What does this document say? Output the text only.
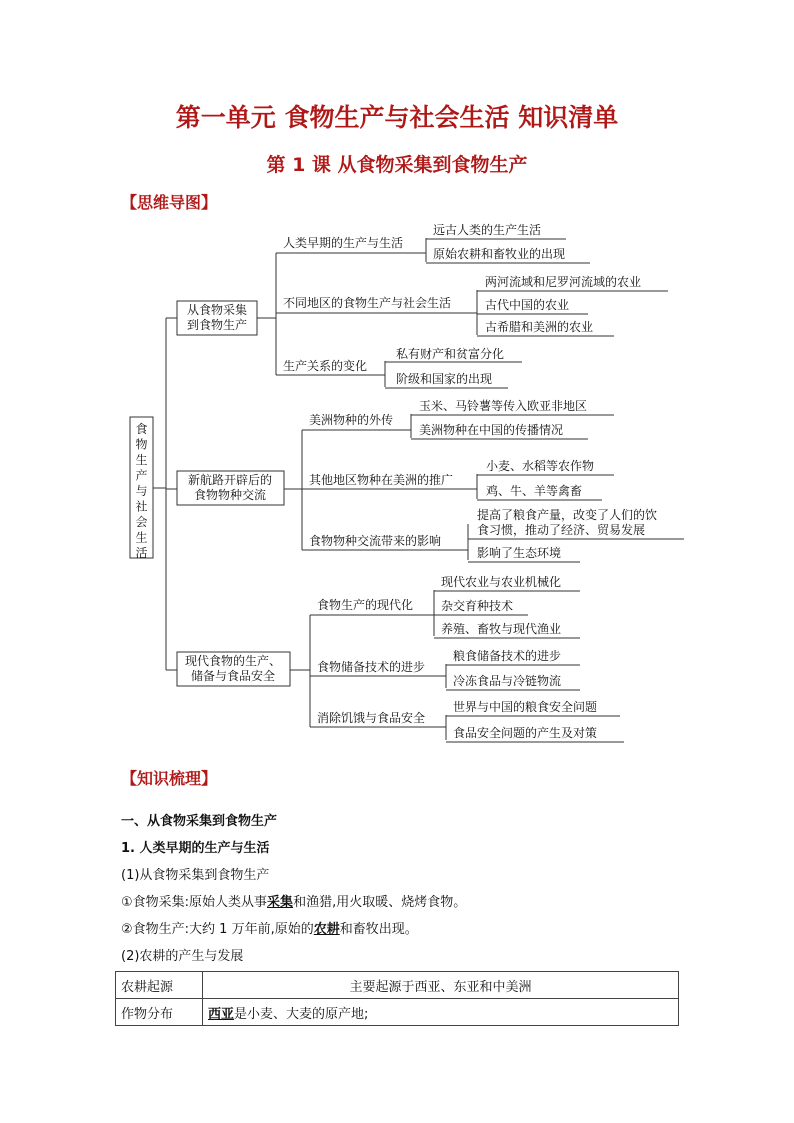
第一单元 食物生产与社会生活 知识清单
第 1 课 从食物采集到食物生产
【思维导图】
食
物
生
产
与
社
会
生
活
从食物采集
到食物生产
人类早期的生产与生活
远古人类的生产生活
原始农耕和畜牧业的出现
不同地区的食物生产与社会生活
两河流域和尼罗河流域的农业
古代中国的农业
古希腊和美洲的农业
生产关系的变化
私有财产和贫富分化
阶级和国家的出现
新航路开辟后的
食物物种交流
美洲物种的外传
玉米、马铃薯等传入欧亚非地区
美洲物种在中国的传播情况
其他地区物种在美洲的推广
小麦、水稻等农作物
鸡、牛、羊等禽畜
食物物种交流带来的影响
提高了粮食产量，改变了人们的饮
食习惯，推动了经济、贸易发展
影响了生态环境
现代食物的生产、
储备与食品安全
食物生产的现代化
现代农业与农业机械化
杂交育种技术
养殖、畜牧与现代渔业
食物储备技术的进步
粮食储备技术的进步
冷冻食品与冷链物流
消除饥饿与食品安全
世界与中国的粮食安全问题
食品安全问题的产生及对策
【知识梳理】
一、从食物采集到食物生产
1. 人类早期的生产与生活
(1)从食物采集到食物生产
①食物采集:原始人类从事采集和渔猎,用火取暖、烧烤食物。
②食物生产:大约 1 万年前,原始的农耕和畜牧出现。
(2)农耕的产生与发展
农耕起源	主要起源于西亚、东亚和中美洲
作物分布	西亚是小麦、大麦的原产地;
